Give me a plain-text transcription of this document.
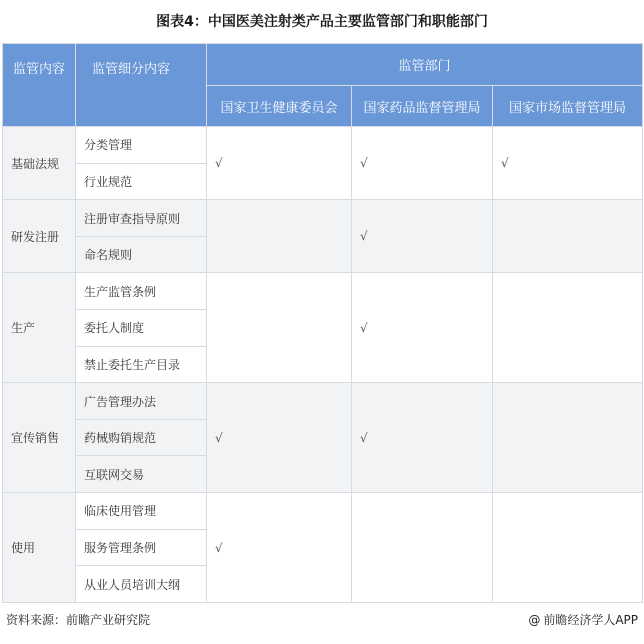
图表4：中国医美注射类产品主要监管部门和职能部门
监管内容	监管细分内容	监管部门		
		国家卫生健康委员会	国家药品监督管理局	国家市场监督管理局
基础法规	分类管理	√	√	√
	行业规范			
研发注册	注册审查指导原则		√	
	命名规则			
生产	生产监管条例		√	
	委托人制度			
	禁止委托生产目录			
宣传销售	广告管理办法	√	√	
	药械购销规范			
	互联网交易			
使用	临床使用管理	√		
	服务管理条例			
	从业人员培训大纲			
资料来源：前瞻产业研究院	@ 前瞻经济学人APP
